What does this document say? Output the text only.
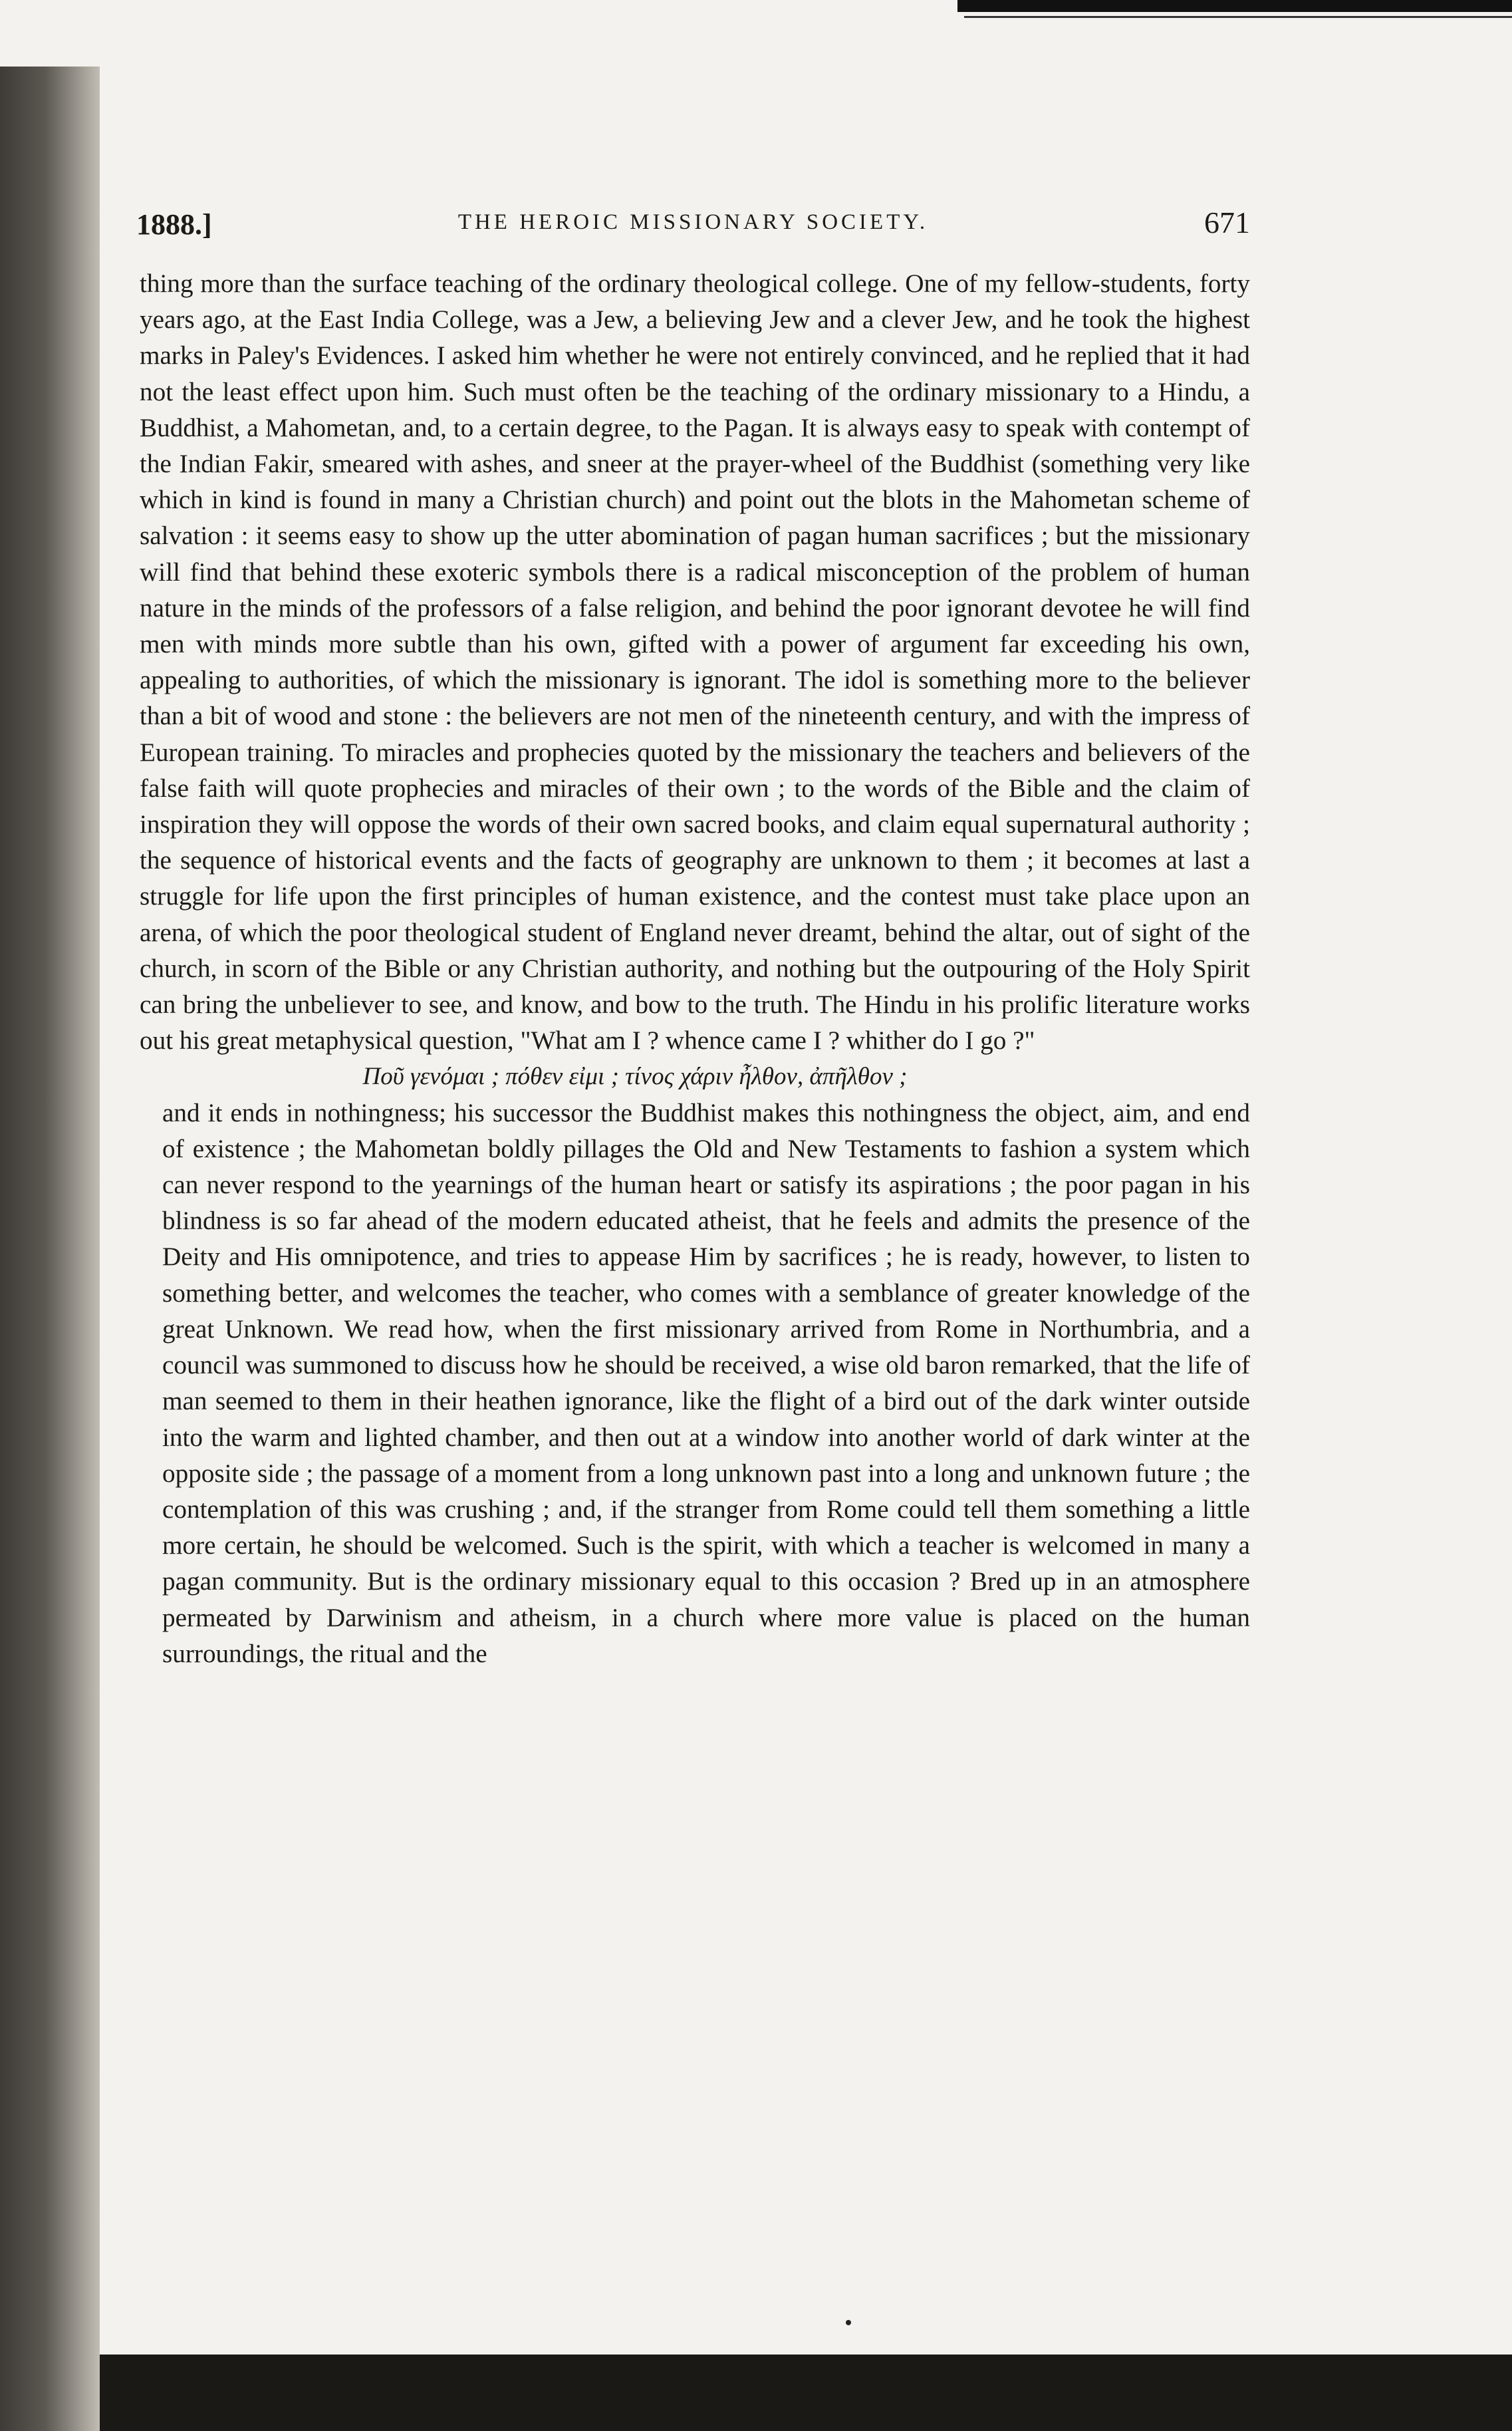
1888.]	THE HEROIC MISSIONARY SOCIETY.	671

thing more than the surface teaching of the ordinary theological college. One of my fellow-students, forty years ago, at the East India College, was a Jew, a believing Jew and a clever Jew, and he took the highest marks in Paley's Evidences. I asked him whether he were not entirely convinced, and he replied that it had not the least effect upon him. Such must often be the teaching of the ordinary missionary to a Hindu, a Buddhist, a Mahometan, and, to a certain degree, to the Pagan. It is always easy to speak with contempt of the Indian Fakir, smeared with ashes, and sneer at the prayer-wheel of the Buddhist (something very like which in kind is found in many a Christian church) and point out the blots in the Mahometan scheme of salvation : it seems easy to show up the utter abomination of pagan human sacrifices ; but the missionary will find that behind these exoteric symbols there is a radical misconception of the problem of human nature in the minds of the professors of a false religion, and behind the poor ignorant devotee he will find men with minds more subtle than his own, gifted with a power of argument far exceeding his own, appealing to authorities, of which the missionary is ignorant. The idol is something more to the believer than a bit of wood and stone : the believers are not men of the nineteenth century, and with the impress of European training. To miracles and prophecies quoted by the missionary the teachers and believers of the false faith will quote prophecies and miracles of their own ; to the words of the Bible and the claim of inspiration they will oppose the words of their own sacred books, and claim equal supernatural authority ; the sequence of historical events and the facts of geography are unknown to them ; it becomes at last a struggle for life upon the first principles of human existence, and the contest must take place upon an arena, of which the poor theological student of England never dreamt, behind the altar, out of sight of the church, in scorn of the Bible or any Christian authority, and nothing but the outpouring of the Holy Spirit can bring the unbeliever to see, and know, and bow to the truth. The Hindu in his prolific literature works out his great metaphysical question, "What am I ? whence came I ? whither do I go ?"

Ποῦ γενόμαι ; πόθεν εἰμι ; τίνος χάριν ἦλθον, ἀπῆλθον ;

and it ends in nothingness; his successor the Buddhist makes this nothingness the object, aim, and end of existence ; the Mahometan boldly pillages the Old and New Testaments to fashion a system which can never respond to the yearnings of the human heart or satisfy its aspirations ; the poor pagan in his blindness is so far ahead of the modern educated atheist, that he feels and admits the presence of the Deity and His omnipotence, and tries to appease Him by sacrifices ; he is ready, however, to listen to something better, and welcomes the teacher, who comes with a semblance of greater knowledge of the great Unknown. We read how, when the first missionary arrived from Rome in Northumbria, and a council was summoned to discuss how he should be received, a wise old baron remarked, that the life of man seemed to them in their heathen ignorance, like the flight of a bird out of the dark winter outside into the warm and lighted chamber, and then out at a window into another world of dark winter at the opposite side ; the passage of a moment from a long unknown past into a long and unknown future ; the contemplation of this was crushing ; and, if the stranger from Rome could tell them something a little more certain, he should be welcomed. Such is the spirit, with which a teacher is welcomed in many a pagan community. But is the ordinary missionary equal to this occasion ? Bred up in an atmosphere permeated by Darwinism and atheism, in a church where more value is placed on the human surroundings, the ritual and the
